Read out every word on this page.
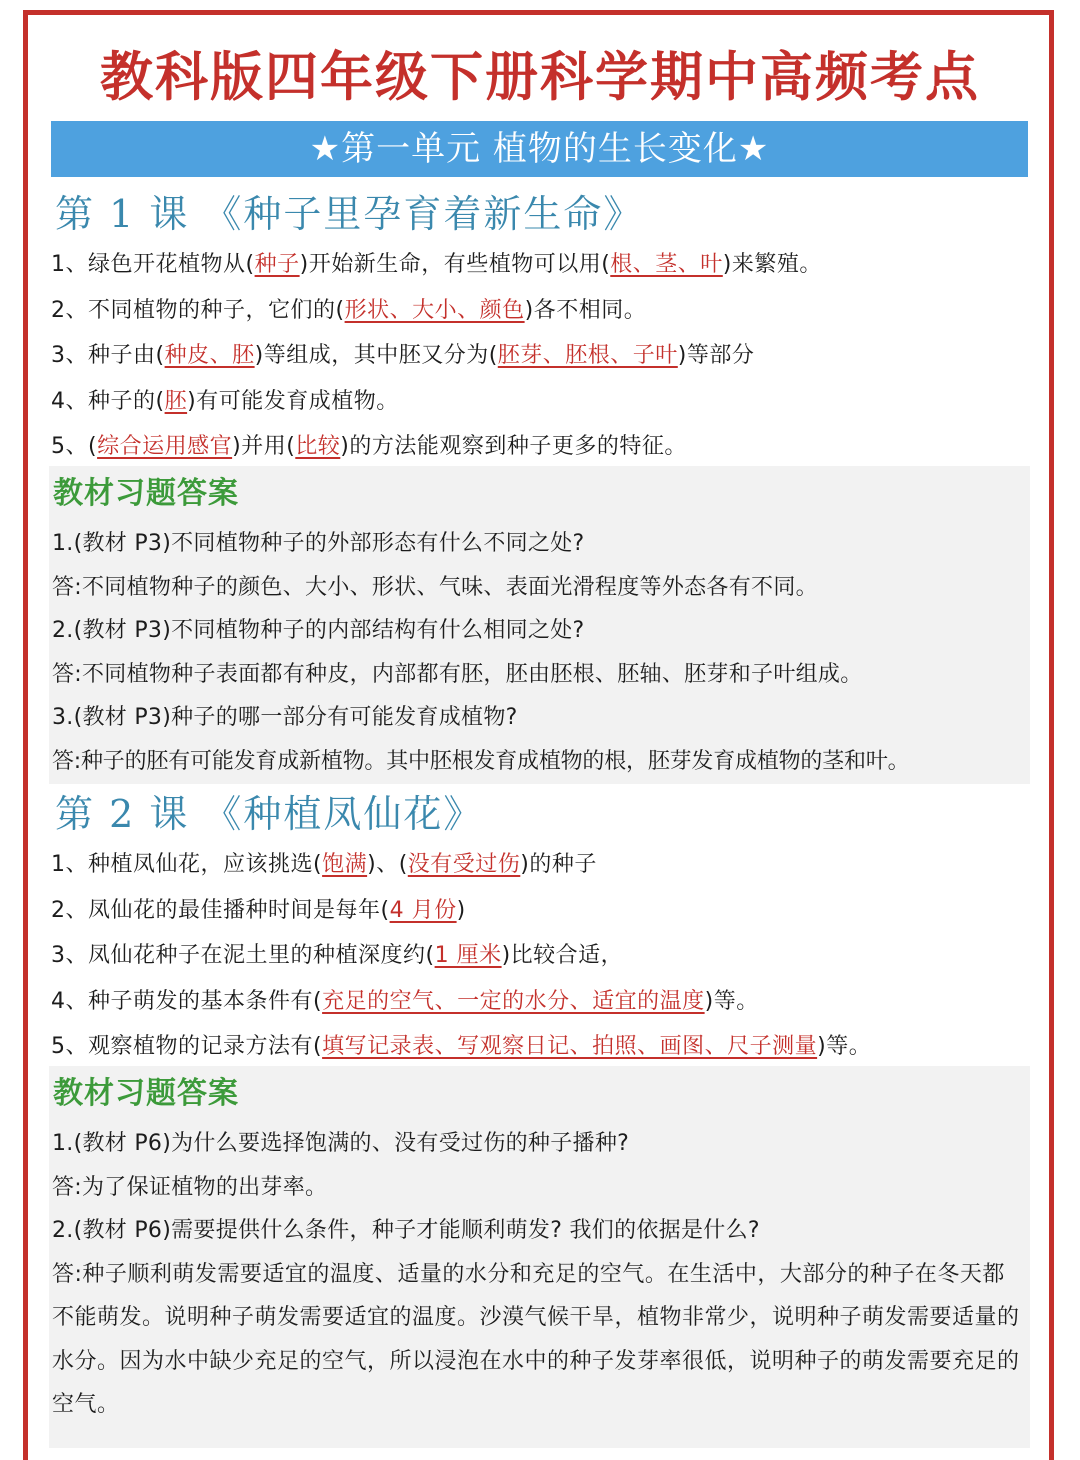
教科版四年级下册科学期中高频考点
★第一单元 植物的生长变化★
第 1 课 《种子里孕育着新生命》
1、绿色开花植物从(种子)开始新生命，有些植物可以用(根、茎、叶)来繁殖。
2、不同植物的种子，它们的(形状、大小、颜色)各不相同。
3、种子由(种皮、胚)等组成，其中胚又分为(胚芽、胚根、子叶)等部分
4、种子的(胚)有可能发育成植物。
5、(综合运用感官)并用(比较)的方法能观察到种子更多的特征。
教材习题答案
1.(教材 P3)不同植物种子的外部形态有什么不同之处?
答:不同植物种子的颜色、大小、形状、气味、表面光滑程度等外态各有不同。
2.(教材 P3)不同植物种子的内部结构有什么相同之处?
答:不同植物种子表面都有种皮，内部都有胚，胚由胚根、胚轴、胚芽和子叶组成。
3.(教材 P3)种子的哪一部分有可能发育成植物?
答:种子的胚有可能发育成新植物。其中胚根发育成植物的根，胚芽发育成植物的茎和叶。
第 2 课 《种植凤仙花》
1、种植凤仙花，应该挑选(饱满)、(没有受过伤)的种子
2、凤仙花的最佳播种时间是每年(4 月份)
3、凤仙花种子在泥土里的种植深度约(1 厘米)比较合适，
4、种子萌发的基本条件有(充足的空气、一定的水分、适宜的温度)等。
5、观察植物的记录方法有(填写记录表、写观察日记、拍照、画图、尺子测量)等。
教材习题答案
1.(教材 P6)为什么要选择饱满的、没有受过伤的种子播种?
答:为了保证植物的出芽率。
2.(教材 P6)需要提供什么条件，种子才能顺利萌发? 我们的依据是什么?
答:种子顺利萌发需要适宜的温度、适量的水分和充足的空气。在生活中，大部分的种子在冬天都不能萌发。说明种子萌发需要适宜的温度。沙漠气候干旱，植物非常少，说明种子萌发需要适量的水分。因为水中缺少充足的空气，所以浸泡在水中的种子发芽率很低，说明种子的萌发需要充足的空气。
